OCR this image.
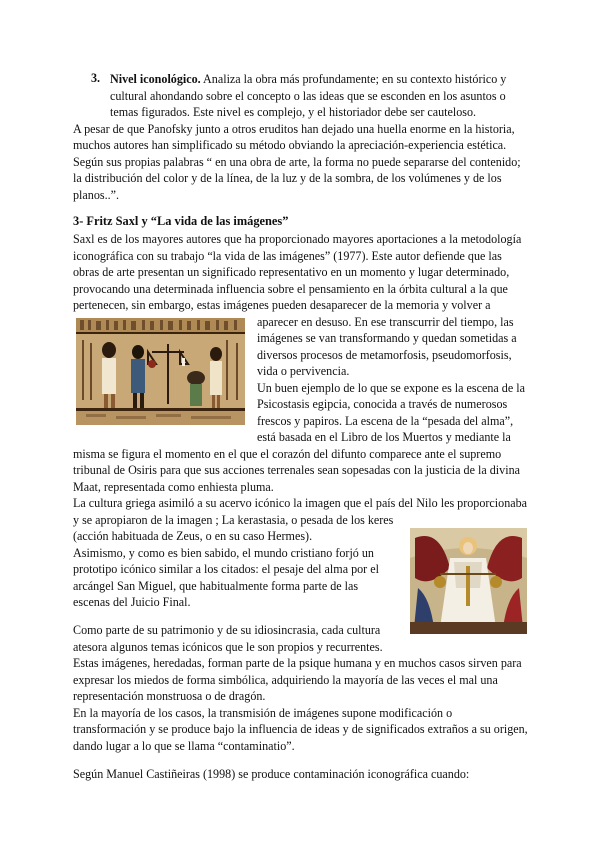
3. Nivel iconológico. Analiza la obra más profundamente; en su contexto histórico y
cultural ahondando sobre el concepto o las ideas que se esconden en los asuntos o
temas figurados. Este nivel es complejo, y el historiador debe ser cauteloso.
A pesar de que Panofsky junto a otros eruditos han dejado una huella enorme en la historia,
muchos autores han simplificado su método obviando la apreciación-experiencia estética.
Según sus propias palabras “ en una obra de arte, la forma no puede separarse del contenido;
la distribución del color y de la línea, de la luz y de la sombra, de los volúmenes y de los
planos..”.
3- Fritz Saxl y “La vida de las imágenes”
Saxl es de los mayores autores que ha proporcionado mayores aportaciones a la metodología
iconográfica con su trabajo “la vida de las imágenes” (1977). Este autor defiende que las
obras de arte presentan un significado representativo en un momento y lugar determinado,
provocando una determinada influencia sobre el pensamiento en la órbita cultural a la que
pertenecen, sin embargo, estas imágenes pueden desaparecer de la memoria y volver a
aparecer en desuso. En ese transcurrir del tiempo, las
imágenes se van transformando y quedan sometidas a
diversos procesos de metamorfosis, pseudomorfosis,
vida o pervivencia.
Un buen ejemplo de lo que se expone es la escena de la
Psicostasis egipcia, conocida a través de numerosos
frescos y papiros. La escena de la “pesada del alma”,
está basada en el Libro de los Muertos y mediante la
misma se figura el momento en el que el corazón del difunto comparece ante el supremo
tribunal de Osiris para que sus acciones terrenales sean sopesadas con la justicia de la divina
Maat, representada como enhiesta pluma.
La cultura griega asimiló a su acervo icónico la imagen que el país del Nilo les proporcionaba
y se apropiaron de la imagen ; La kerastasia, o pesada de los keres
(acción habituada de Zeus, o en su caso Hermes).
Asimismo, y como es bien sabido, el mundo cristiano forjó un
prototipo icónico similar a los citados: el pesaje del alma por el
arcángel San Miguel, que habitualmente forma parte de las
escenas del Juicio Final.
Como parte de su patrimonio y de su idiosincrasia, cada cultura
atesora algunos temas icónicos que le son propios y recurrentes.
Estas imágenes, heredadas, forman parte de la psique humana y en muchos casos sirven para
expresar los miedos de forma simbólica, adquiriendo la mayoría de las veces el mal una
representación monstruosa o de dragón.
En la mayoría de los casos, la transmisión de imágenes supone modificación o
transformación y se produce bajo la influencia de ideas y de significados extraños a su origen,
dando lugar a lo que se llama “contaminatio”.
Según Manuel Castiñeiras (1998) se produce contaminación iconográfica cuando:
